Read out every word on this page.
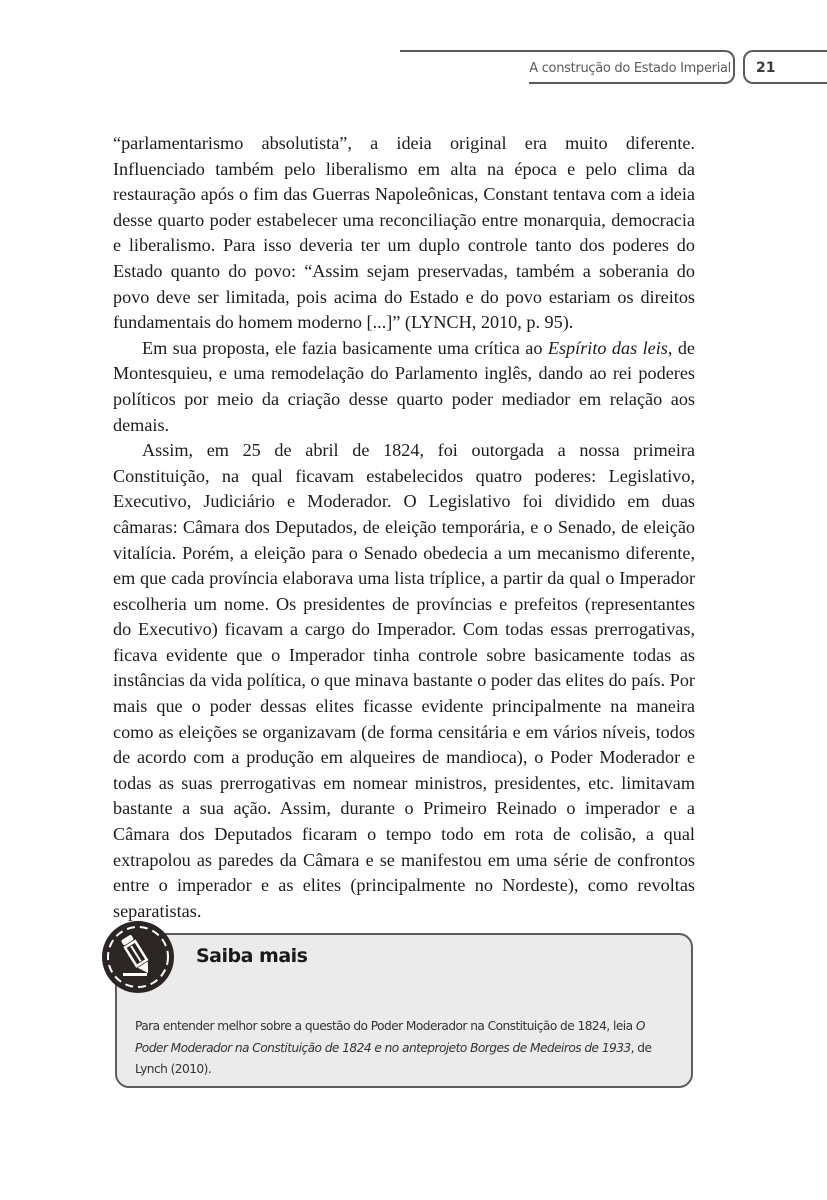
A construção do Estado Imperial 21

“parlamentarismo absolutista”, a ideia original era muito diferente. Influenciado também pelo liberalismo em alta na época e pelo clima da restauração após o fim das Guerras Napoleônicas, Constant tentava com a ideia desse quarto poder estabelecer uma reconciliação entre monarquia, democracia e liberalismo. Para isso deveria ter um duplo controle tanto dos poderes do Estado quanto do povo: “Assim sejam preservadas, também a soberania do povo deve ser limitada, pois acima do Estado e do povo estariam os direitos fundamentais do homem moderno [...]” (LYNCH, 2010, p. 95).

Em sua proposta, ele fazia basicamente uma crítica ao Espírito das leis, de Montesquieu, e uma remodelação do Parlamento inglês, dando ao rei poderes políticos por meio da criação desse quarto poder mediador em relação aos demais.

Assim, em 25 de abril de 1824, foi outorgada a nossa primeira Constituição, na qual ficavam estabelecidos quatro poderes: Legislativo, Executivo, Judiciário e Moderador. O Legislativo foi dividido em duas câmaras: Câmara dos Deputados, de eleição temporária, e o Senado, de eleição vitalícia. Porém, a eleição para o Senado obedecia a um mecanismo diferente, em que cada província elaborava uma lista tríplice, a partir da qual o Imperador escolheria um nome. Os presidentes de províncias e prefeitos (representantes do Executivo) ficavam a cargo do Imperador. Com todas essas prerrogativas, ficava evidente que o Imperador tinha controle sobre basicamente todas as instâncias da vida política, o que minava bastante o poder das elites do país. Por mais que o poder dessas elites ficasse evidente principalmente na maneira como as eleições se organizavam (de forma censitária e em vários níveis, todos de acordo com a produção em alqueires de mandioca), o Poder Moderador e todas as suas prerrogativas em nomear ministros, presidentes, etc. limitavam bastante a sua ação. Assim, durante o Primeiro Reinado o imperador e a Câmara dos Deputados ficaram o tempo todo em rota de colisão, a qual extrapolou as paredes da Câmara e se manifestou em uma série de confrontos entre o imperador e as elites (principalmente no Nordeste), como revoltas separatistas.

Saiba mais
Para entender melhor sobre a questão do Poder Moderador na Constituição de 1824, leia O Poder Moderador na Constituição de 1824 e no anteprojeto Borges de Medeiros de 1933, de Lynch (2010).
